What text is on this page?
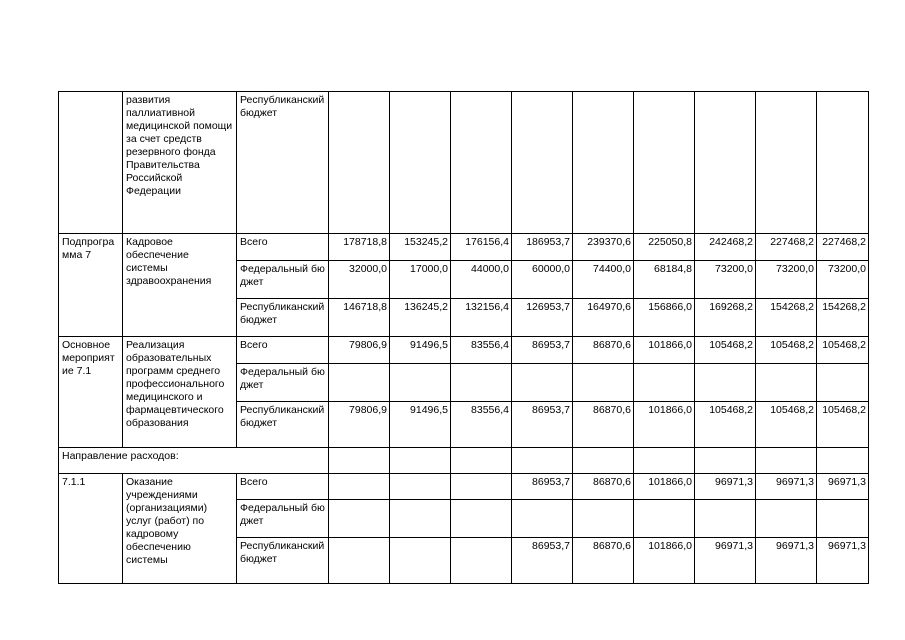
	развития паллиативной медицинской помощи за счет средств резервного фонда Правительства Российской Федерации	Республиканский бюджет									
Подпрограмма 7	Кадровое обеспечение системы здравоохранения	Всего	178718,8	153245,2	176156,4	186953,7	239370,6	225050,8	242468,2	227468,2	227468,2
		Федеральный бюджет	32000,0	17000,0	44000,0	60000,0	74400,0	68184,8	73200,0	73200,0	73200,0
		Республиканский бюджет	146718,8	136245,2	132156,4	126953,7	164970,6	156866,0	169268,2	154268,2	154268,2
Основное мероприятие 7.1	Реализация образовательных программ среднего профессионального медицинского и фармацевтического образования	Всего	79806,9	91496,5	83556,4	86953,7	86870,6	101866,0	105468,2	105468,2	105468,2
		Федеральный бюджет									
		Республиканский бюджет	79806,9	91496,5	83556,4	86953,7	86870,6	101866,0	105468,2	105468,2	105468,2
Направление расходов:											
7.1.1	Оказание учреждениями (организациями) услуг (работ) по кадровому обеспечению системы	Всего				86953,7	86870,6	101866,0	96971,3	96971,3	96971,3
		Федеральный бюджет									
		Республиканский бюджет				86953,7	86870,6	101866,0	96971,3	96971,3	96971,3
